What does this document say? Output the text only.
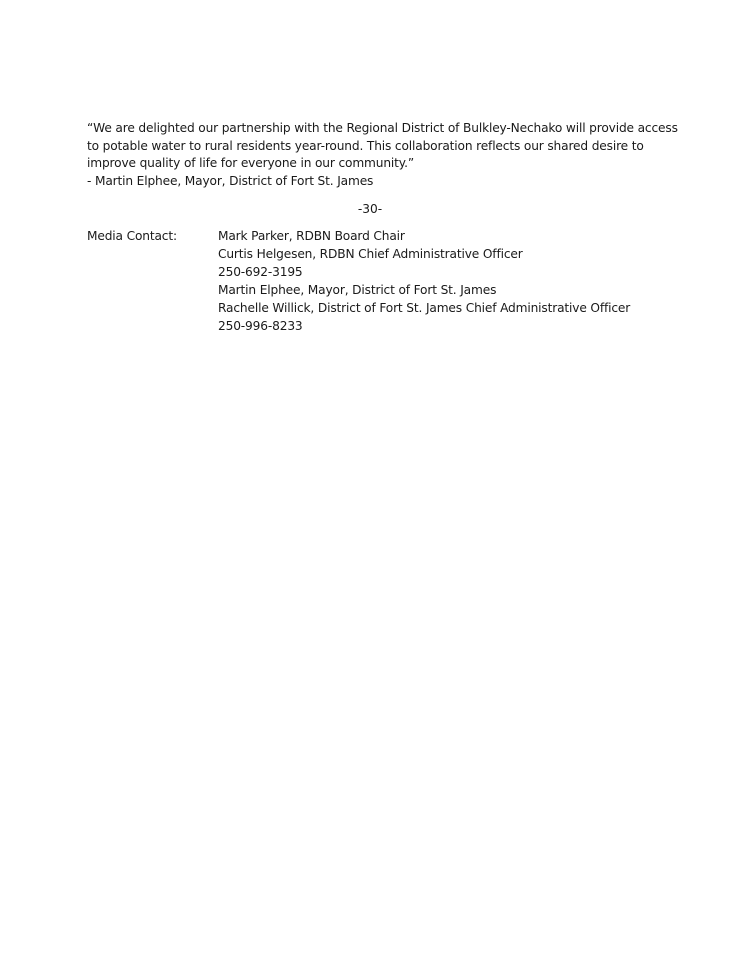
“We are delighted our partnership with the Regional District of Bulkley-Nechako will provide access
to potable water to rural residents year-round. This collaboration reflects our shared desire to
improve quality of life for everyone in our community.”
- Martin Elphee, Mayor, District of Fort St. James
-30-
Media Contact:	Mark Parker, RDBN Board Chair
Curtis Helgesen, RDBN Chief Administrative Officer
250-692-3195
Martin Elphee, Mayor, District of Fort St. James
Rachelle Willick, District of Fort St. James Chief Administrative Officer
250-996-8233
